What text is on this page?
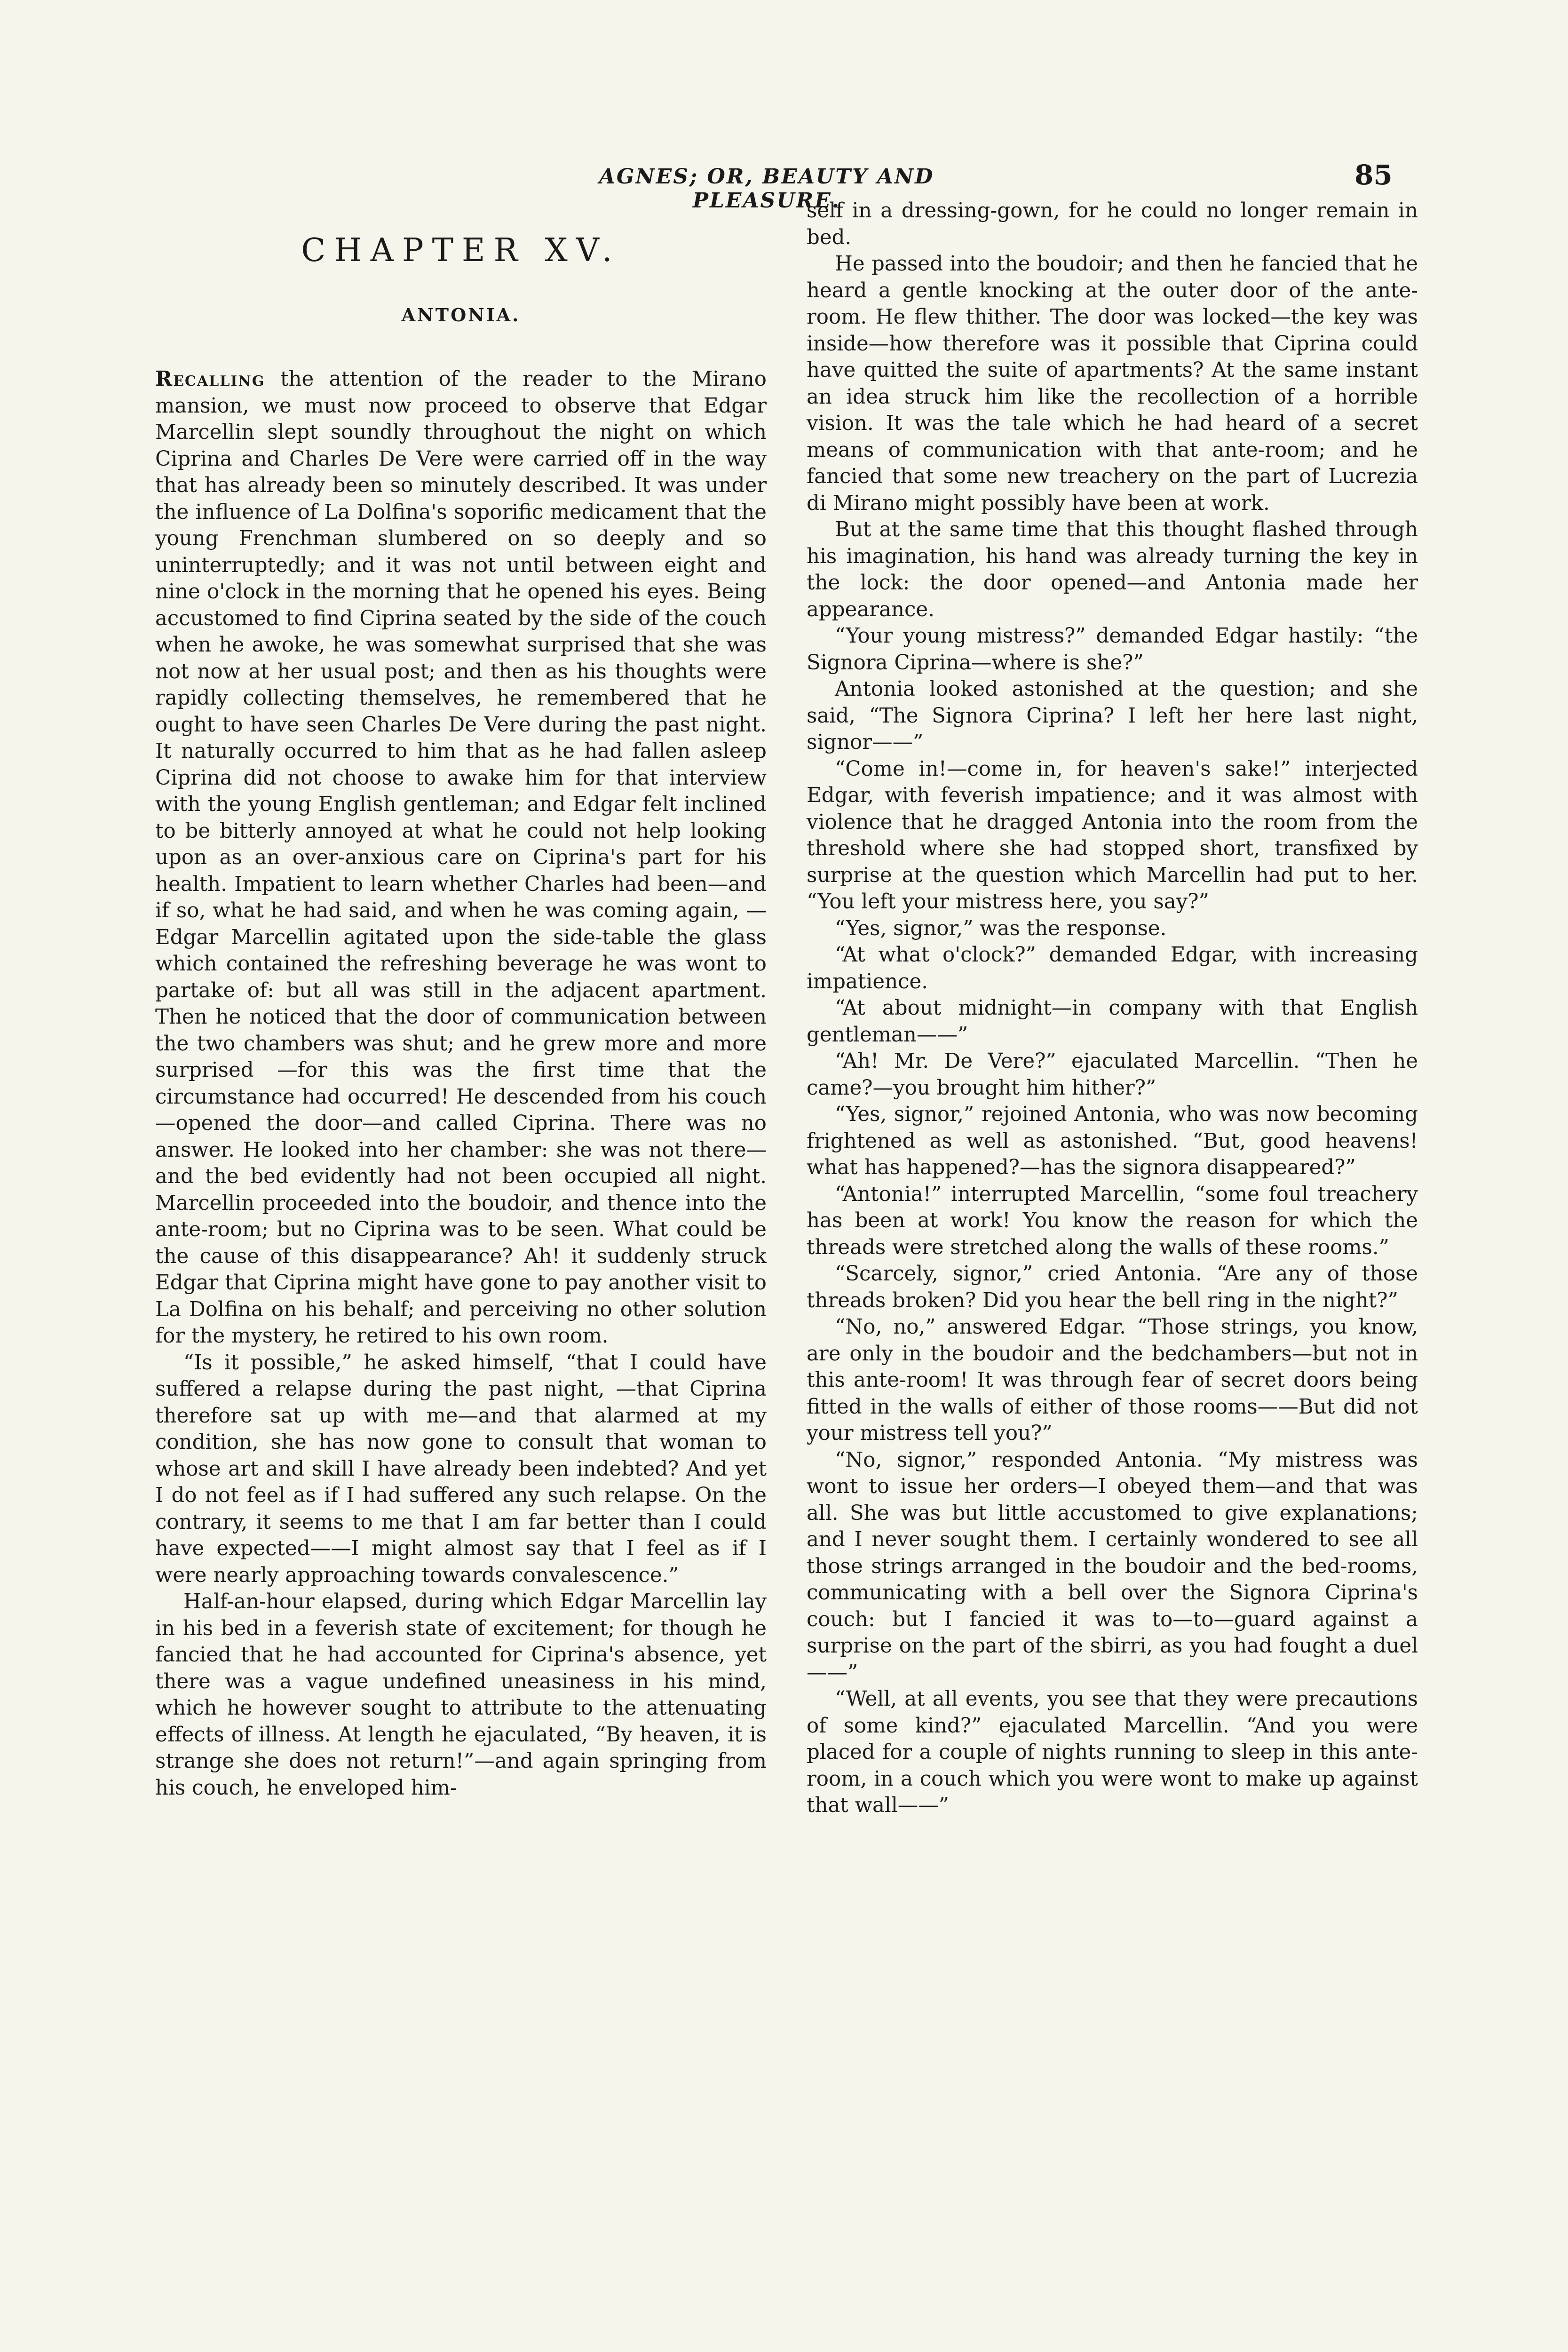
AGNES; OR, BEAUTY AND PLEASURE.
85
CHAPTER XV.
ANTONIA.

Recalling the attention of the reader to the Mirano mansion, we must now proceed to observe that Edgar Marcellin slept soundly throughout the night on which Ciprina and Charles De Vere were carried off in the way that has already been so minutely described. It was under the influence of La Dolfina's soporific medicament that the young Frenchman slumbered on so deeply and so uninterruptedly; and it was not until between eight and nine o'clock in the morning that he opened his eyes. Being accustomed to find Ciprina seated by the side of the couch when he awoke, he was somewhat surprised that she was not now at her usual post; and then as his thoughts were rapidly collecting themselves, he remembered that he ought to have seen Charles De Vere during the past night. It naturally occurred to him that as he had fallen asleep Ciprina did not choose to awake him for that interview with the young English gentleman; and Edgar felt inclined to be bitterly annoyed at what he could not help looking upon as an over-anxious care on Ciprina's part for his health. Impatient to learn whether Charles had been—and if so, what he had said, and when he was coming again, —Edgar Marcellin agitated upon the side-table the glass which contained the refreshing beverage he was wont to partake of: but all was still in the adjacent apartment. Then he noticed that the door of communication between the two chambers was shut; and he grew more and more surprised —for this was the first time that the circumstance had occurred! He descended from his couch—opened the door—and called Ciprina. There was no answer. He looked into her chamber: she was not there—and the bed evidently had not been occupied all night. Marcellin proceeded into the boudoir, and thence into the ante-room; but no Ciprina was to be seen. What could be the cause of this disappearance? Ah! it suddenly struck Edgar that Ciprina might have gone to pay another visit to La Dolfina on his behalf; and perceiving no other solution for the mystery, he retired to his own room.

“Is it possible,” he asked himself, “that I could have suffered a relapse during the past night, —that Ciprina therefore sat up with me—and that alarmed at my condition, she has now gone to consult that woman to whose art and skill I have already been indebted? And yet I do not feel as if I had suffered any such relapse. On the contrary, it seems to me that I am far better than I could have expected——I might almost say that I feel as if I were nearly approaching towards convalescence.”

Half-an-hour elapsed, during which Edgar Marcellin lay in his bed in a feverish state of excitement; for though he fancied that he had accounted for Ciprina's absence, yet there was a vague undefined uneasiness in his mind, which he however sought to attribute to the attenuating effects of illness. At length he ejaculated, “By heaven, it is strange she does not return!”—and again springing from his couch, he enveloped him-

self in a dressing-gown, for he could no longer remain in bed.

He passed into the boudoir; and then he fancied that he heard a gentle knocking at the outer door of the ante-room. He flew thither. The door was locked—the key was inside—how therefore was it possible that Ciprina could have quitted the suite of apartments? At the same instant an idea struck him like the recollection of a horrible vision. It was the tale which he had heard of a secret means of communication with that ante-room; and he fancied that some new treachery on the part of Lucrezia di Mirano might possibly have been at work.

But at the same time that this thought flashed through his imagination, his hand was already turning the key in the lock: the door opened—and Antonia made her appearance.

“Your young mistress?” demanded Edgar hastily: “the Signora Ciprina—where is she?”

Antonia looked astonished at the question; and she said, “The Signora Ciprina? I left her here last night, signor——”

“Come in!—come in, for heaven's sake!” interjected Edgar, with feverish impatience; and it was almost with violence that he dragged Antonia into the room from the threshold where she had stopped short, transfixed by surprise at the question which Marcellin had put to her. “You left your mistress here, you say?”

“Yes, signor,” was the response.

“At what o'clock?” demanded Edgar, with increasing impatience.

“At about midnight—in company with that English gentleman——”

“Ah! Mr. De Vere?” ejaculated Marcellin. “Then he came?—you brought him hither?”

“Yes, signor,” rejoined Antonia, who was now becoming frightened as well as astonished. “But, good heavens! what has happened?—has the signora disappeared?”

“Antonia!” interrupted Marcellin, “some foul treachery has been at work! You know the reason for which the threads were stretched along the walls of these rooms.”

“Scarcely, signor,” cried Antonia. “Are any of those threads broken? Did you hear the bell ring in the night?”

“No, no,” answered Edgar. “Those strings, you know, are only in the boudoir and the bedchambers—but not in this ante-room! It was through fear of secret doors being fitted in the walls of either of those rooms——But did not your mistress tell you?”

“No, signor,” responded Antonia. “My mistress was wont to issue her orders—I obeyed them—and that was all. She was but little accustomed to give explanations; and I never sought them. I certainly wondered to see all those strings arranged in the boudoir and the bed-rooms, communicating with a bell over the Signora Ciprina's couch: but I fancied it was to—to—guard against a surprise on the part of the sbirri, as you had fought a duel——”

“Well, at all events, you see that they were precautions of some kind?” ejaculated Marcellin. “And you were placed for a couple of nights running to sleep in this ante-room, in a couch which you were wont to make up against that wall——”
